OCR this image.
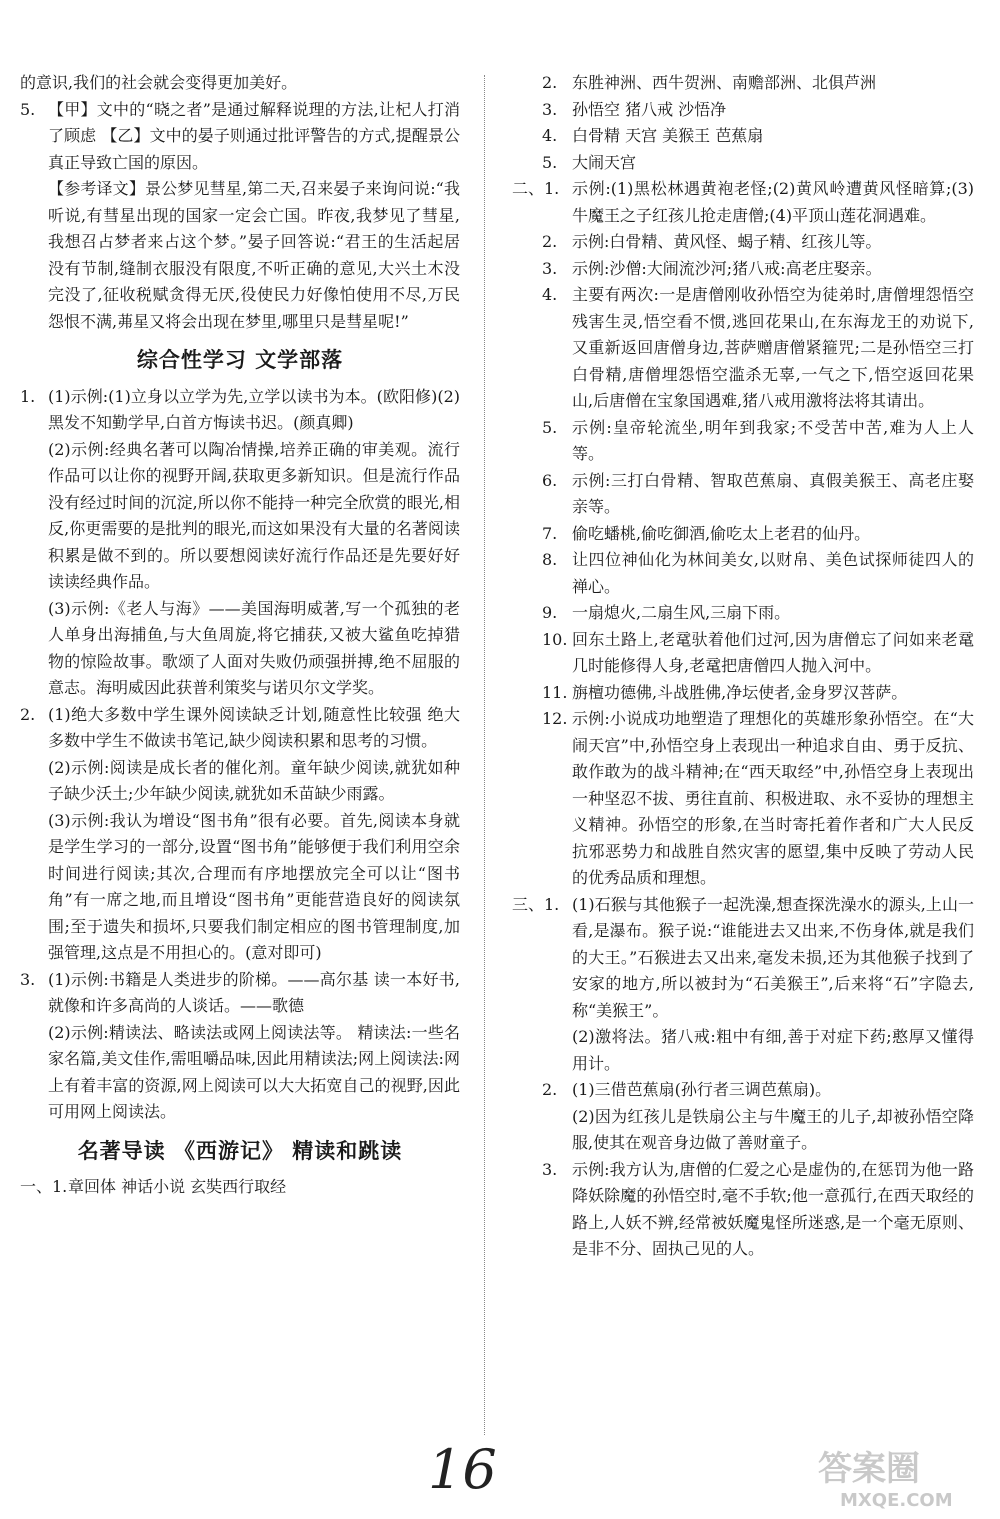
的意识,我们的社会就会变得更加美好。

5. 【甲】文中的“晓之者”是通过解释说理的方法,让杞人打消了顾虑 【乙】文中的晏子则通过批评警告的方式,提醒景公真正导致亡国的原因。

【参考译文】景公梦见彗星,第二天,召来晏子来询问说:“我听说,有彗星出现的国家一定会亡国。昨夜,我梦见了彗星,我想召占梦者来占这个梦。”晏子回答说:“君王的生活起居没有节制,缝制衣服没有限度,不听正确的意见,大兴土木没完没了,征收税赋贪得无厌,役使民力好像怕使用不尽,万民怨恨不满,茀星又将会出现在梦里,哪里只是彗星呢!”

综合性学习 文学部落
1. (1)示例:(1)立身以立学为先,立学以读书为本。(欧阳修)(2)黑发不知勤学早,白首方悔读书迟。(颜真卿)

(2)示例:经典名著可以陶冶情操,培养正确的审美观。流行作品可以让你的视野开阔,获取更多新知识。但是流行作品没有经过时间的沉淀,所以你不能持一种完全欣赏的眼光,相反,你更需要的是批判的眼光,而这如果没有大量的名著阅读积累是做不到的。所以要想阅读好流行作品还是先要好好读读经典作品。

(3)示例:《老人与海》——美国海明威著,写一个孤独的老人单身出海捕鱼,与大鱼周旋,将它捕获,又被大鲨鱼吃掉猎物的惊险故事。歌颂了人面对失败仍顽强拼搏,绝不屈服的意志。海明威因此获普利策奖与诺贝尔文学奖。

2. (1)绝大多数中学生课外阅读缺乏计划,随意性比较强 绝大多数中学生不做读书笔记,缺少阅读积累和思考的习惯。

(2)示例:阅读是成长者的催化剂。童年缺少阅读,就犹如种子缺少沃土;少年缺少阅读,就犹如禾苗缺少雨露。

(3)示例:我认为增设“图书角”很有必要。首先,阅读本身就是学生学习的一部分,设置“图书角”能够便于我们利用空余时间进行阅读;其次,合理而有序地摆放完全可以让“图书角”有一席之地,而且增设“图书角”更能营造良好的阅读氛围;至于遗失和损坏,只要我们制定相应的图书管理制度,加强管理,这点是不用担心的。(意对即可)

3. (1)示例:书籍是人类进步的阶梯。——高尔基 读一本好书,就像和许多高尚的人谈话。——歌德

(2)示例:精读法、略读法或网上阅读法等。 精读法:一些名家名篇,美文佳作,需咀嚼品味,因此用精读法;网上阅读法:网上有着丰富的资源,网上阅读可以大大拓宽自己的视野,因此可用网上阅读法。

名著导读 《西游记》 精读和跳读
一、1. 章回体 神话小说 玄奘西行取经
2. 东胜神洲、西牛贺洲、南赡部洲、北俱芦洲
3. 孙悟空 猪八戒 沙悟净
4. 白骨精 天宫 美猴王 芭蕉扇
5. 大闹天宫
二、1. 示例:(1)黑松林遇黄袍老怪;(2)黄风岭遭黄风怪暗算;(3)牛魔王之子红孩儿抢走唐僧;(4)平顶山莲花洞遇难。
2. 示例:白骨精、黄风怪、蝎子精、红孩儿等。
3. 示例:沙僧:大闹流沙河;猪八戒:高老庄娶亲。
4. 主要有两次:一是唐僧刚收孙悟空为徒弟时,唐僧埋怨悟空残害生灵,悟空看不惯,逃回花果山,在东海龙王的劝说下,又重新返回唐僧身边,菩萨赠唐僧紧箍咒;二是孙悟空三打白骨精,唐僧埋怨悟空滥杀无辜,一气之下,悟空返回花果山,后唐僧在宝象国遇难,猪八戒用激将法将其请出。
5. 示例:皇帝轮流坐,明年到我家;不受苦中苦,难为人上人等。
6. 示例:三打白骨精、智取芭蕉扇、真假美猴王、高老庄娶亲等。
7. 偷吃蟠桃,偷吃御酒,偷吃太上老君的仙丹。
8. 让四位神仙化为林间美女,以财帛、美色试探师徒四人的禅心。
9. 一扇熄火,二扇生风,三扇下雨。
10. 回东土路上,老鼋驮着他们过河,因为唐僧忘了问如来老鼋几时能修得人身,老鼋把唐僧四人抛入河中。
11. 旃檀功德佛,斗战胜佛,净坛使者,金身罗汉菩萨。
12. 示例:小说成功地塑造了理想化的英雄形象孙悟空。在“大闹天宫”中,孙悟空身上表现出一种追求自由、勇于反抗、敢作敢为的战斗精神;在“西天取经”中,孙悟空身上表现出一种坚忍不拔、勇往直前、积极进取、永不妥协的理想主义精神。孙悟空的形象,在当时寄托着作者和广大人民反抗邪恶势力和战胜自然灾害的愿望,集中反映了劳动人民的优秀品质和理想。
三、1. (1)石猴与其他猴子一起洗澡,想查探洗澡水的源头,上山一看,是瀑布。猴子说:“谁能进去又出来,不伤身体,就是我们的大王。”石猴进去又出来,毫发未损,还为其他猴子找到了安家的地方,所以被封为“石美猴王”,后来将“石”字隐去,称“美猴王”。

(2)激将法。猪八戒:粗中有细,善于对症下药;憨厚又懂得用计。

2. (1)三借芭蕉扇(孙行者三调芭蕉扇)。

(2)因为红孩儿是铁扇公主与牛魔王的儿子,却被孙悟空降服,使其在观音身边做了善财童子。

3. 示例:我方认为,唐僧的仁爱之心是虚伪的,在惩罚为他一路降妖除魔的孙悟空时,毫不手软;他一意孤行,在西天取经的路上,人妖不辨,经常被妖魔鬼怪所迷惑,是一个毫无原则、是非不分、固执己见的人。
16	答案圈
MXQE.COM
